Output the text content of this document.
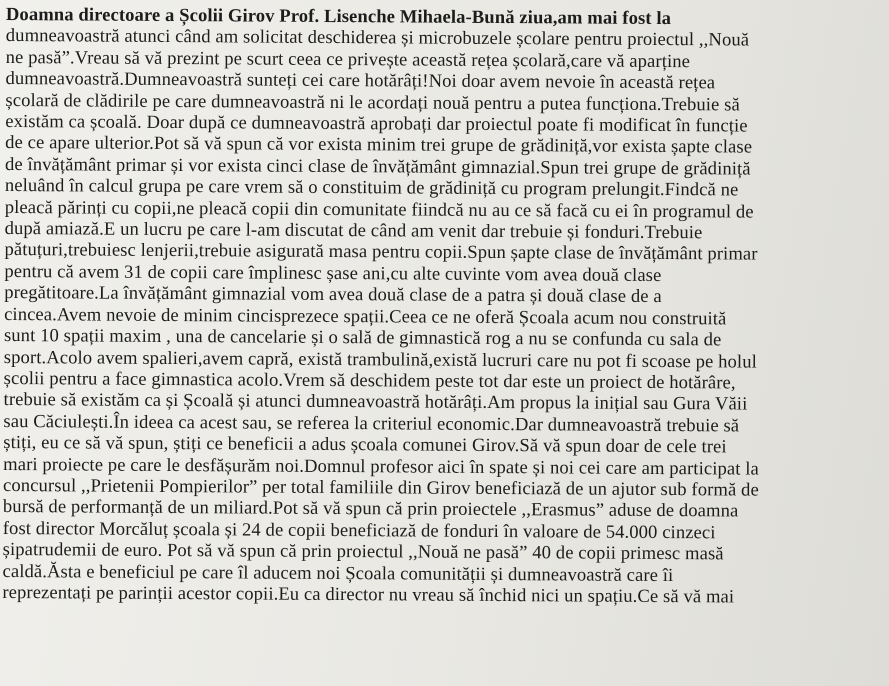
Doamna directoare a Școlii Girov Prof. Lisenche Mihaela-Bună ziua,am mai fost la
dumneavoastră atunci când am solicitat deschiderea și microbuzele școlare pentru proiectul ,,Nouă
ne pasă”.Vreau să vă prezint pe scurt ceea ce privește această rețea școlară,care vă aparține
dumneavoastră.Dumneavoastră sunteți cei care hotărâți!Noi doar avem nevoie în această rețea
școlară de clădirile pe care dumneavoastră ni le acordați nouă pentru a putea funcționa.Trebuie să
existăm ca școală. Doar după ce dumneavoastră aprobați dar proiectul poate fi modificat în funcție
de ce apare ulterior.Pot să vă spun că vor exista minim trei grupe de grădiniță,vor exista șapte clase
de învățământ primar și vor exista cinci clase de învățământ gimnazial.Spun trei grupe de grădiniță
neluând în calcul grupa pe care vrem să o constituim de grădiniță cu program prelungit.Findcă ne
pleacă părinți cu copii,ne pleacă copii din comunitate fiindcă nu au ce să facă cu ei în programul de
după amiază.E un lucru pe care l-am discutat de când am venit dar trebuie și fonduri.Trebuie
pătuțuri,trebuiesc lenjerii,trebuie asigurată masa pentru copii.Spun șapte clase de învățământ primar
pentru că avem 31 de copii care împlinesc șase ani,cu alte cuvinte vom avea două clase
pregătitoare.La învățământ gimnazial vom avea două clase de a patra și două clase de a
cincea.Avem nevoie de minim cincisprezece spații.Ceea ce ne oferă Școala acum nou construită
sunt 10 spații maxim , una de cancelarie și o sală de gimnastică rog a nu se confunda cu sala de
sport.Acolo avem spalieri,avem capră, există trambulină,există lucruri care nu pot fi scoase pe holul
școlii pentru a face gimnastica acolo.Vrem să deschidem peste tot dar este un proiect de hotărâre,
trebuie să existăm ca și Școală și atunci dumneavoastră hotărâți.Am propus la inițial sau Gura Văii
sau Căciulești.În ideea ca acest sau, se referea la criteriul economic.Dar dumneavoastră trebuie să
știți, eu ce să vă spun, știți ce beneficii a adus școala comunei Girov.Să vă spun doar de cele trei
mari proiecte pe care le desfășurăm noi.Domnul profesor aici în spate și noi cei care am participat la
concursul ,,Prietenii Pompierilor” per total familiile din Girov beneficiază de un ajutor sub formă de
bursă de performanță de un miliard.Pot să vă spun că prin proiectele ,,Erasmus” aduse de doamna
fost director Morcăluț școala și 24 de copii beneficiază de fonduri în valoare de 54.000 cinzeci
șipatrudemii de euro. Pot să vă spun că prin proiectul ,,Nouă ne pasă” 40 de copii primesc masă
caldă.Ăsta e beneficiul pe care îl aducem noi Școala comunității și dumneavoastră care îi
reprezentați pe parinții acestor copii.Eu ca director nu vreau să închid nici un spațiu.Ce să vă mai
